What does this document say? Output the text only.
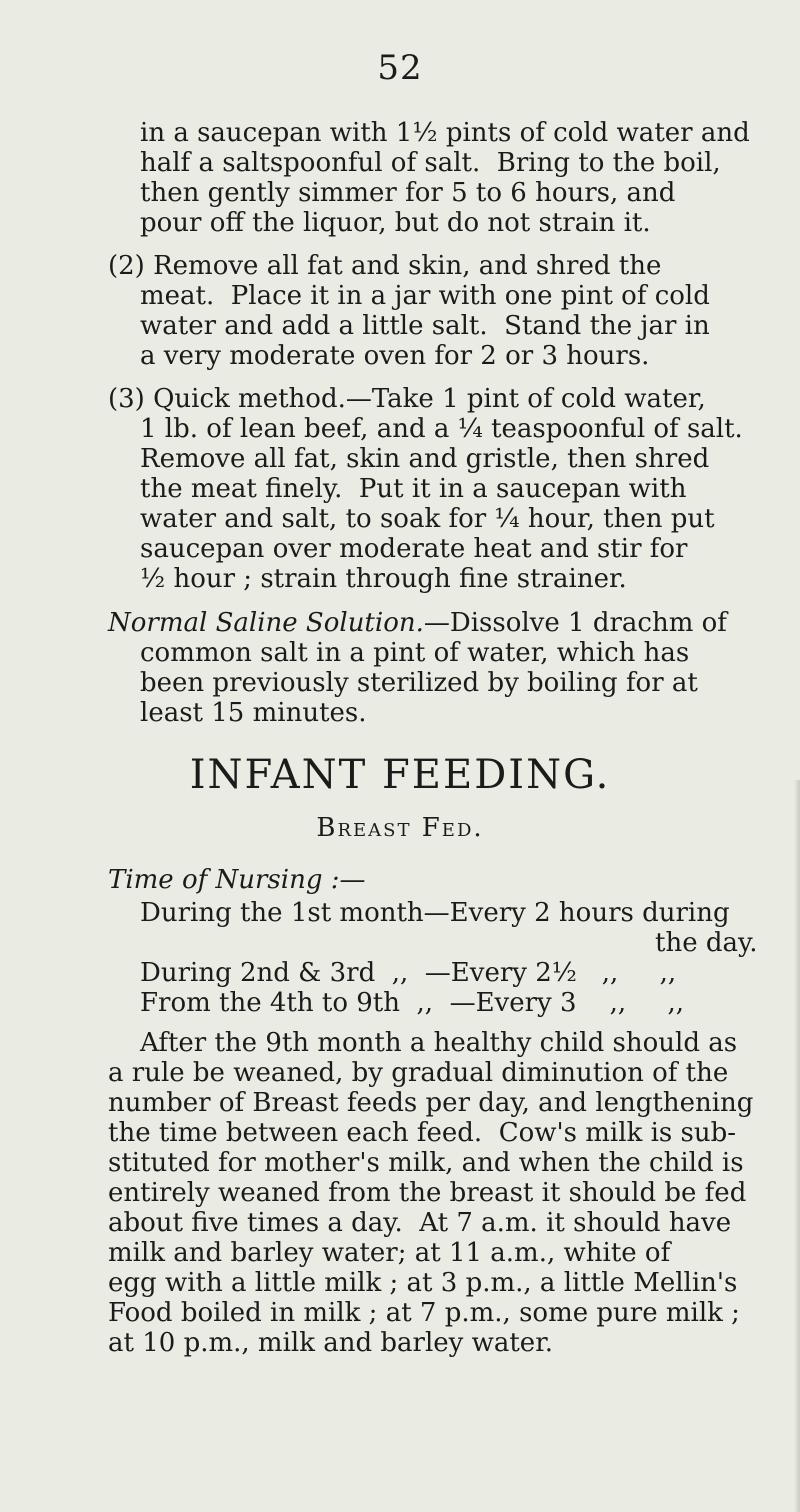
52
in a saucepan with 1½ pints of cold water and
half a saltspoonful of salt.  Bring to the boil,
then gently simmer for 5 to 6 hours, and
pour off the liquor, but do not strain it.
(2) Remove all fat and skin, and shred the
meat.  Place it in a jar with one pint of cold
water and add a little salt.  Stand the jar in
a very moderate oven for 2 or 3 hours.
(3) Quick method.—Take 1 pint of cold water,
1 lb. of lean beef, and a ¼ teaspoonful of salt.
Remove all fat, skin and gristle, then shred
the meat finely.  Put it in a saucepan with
water and salt, to soak for ¼ hour, then put
saucepan over moderate heat and stir for
½ hour ; strain through fine strainer.
Normal Saline Solution.—Dissolve 1 drachm of
common salt in a pint of water, which has
been previously sterilized by boiling for at
least 15 minutes.
INFANT FEEDING.
Breast Fed.
Time of Nursing :—
During the 1st month—Every 2 hours during
the day.
During 2nd & 3rd  ,,  —Every 2½   ,,     ,,
From the 4th to 9th  ,,  —Every 3    ,,     ,,
After the 9th month a healthy child should as
a rule be weaned, by gradual diminution of the
number of Breast feeds per day, and lengthening
the time between each feed.  Cow's milk is sub-
stituted for mother's milk, and when the child is
entirely weaned from the breast it should be fed
about five times a day.  At 7 a.m. it should have
milk and barley water; at 11 a.m., white of
egg with a little milk ; at 3 p.m., a little Mellin's
Food boiled in milk ; at 7 p.m., some pure milk ;
at 10 p.m., milk and barley water.
